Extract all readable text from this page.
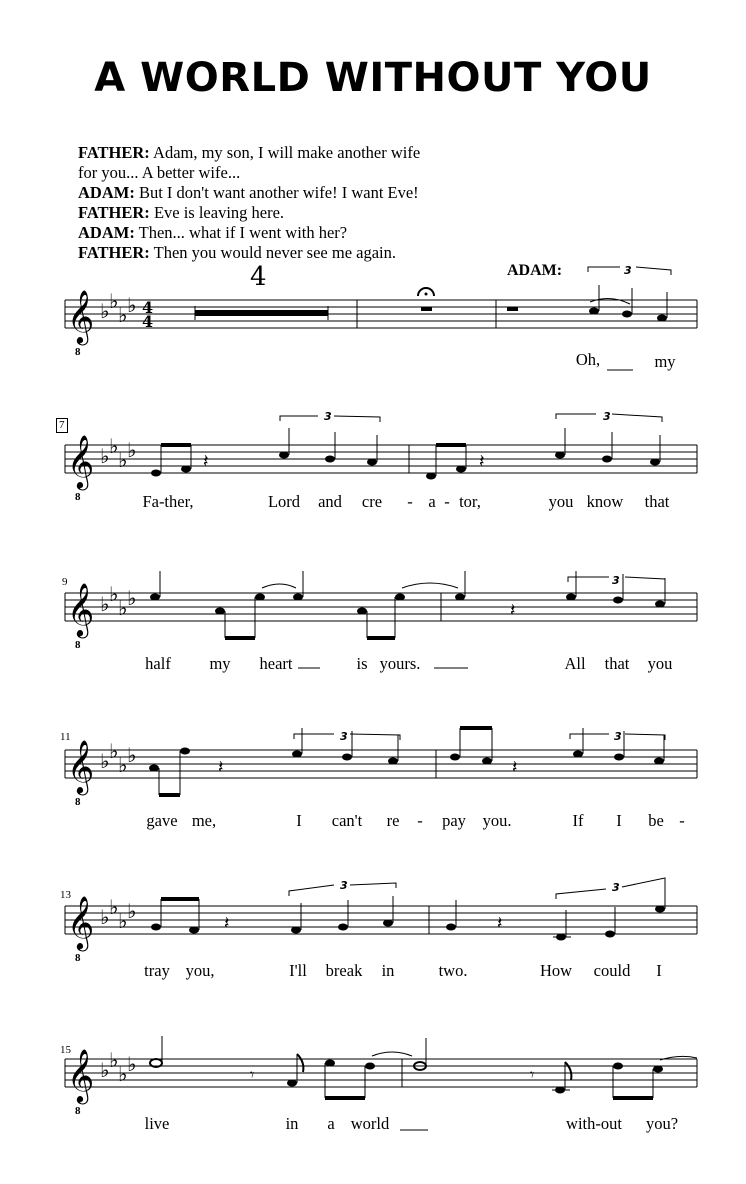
A WORLD WITHOUT YOU
FATHER: Adam, my son, I will make another wife
for you... A better wife...
ADAM: But I don't want another wife! I want Eve!
FATHER: Eve is leaving here.
ADAM: Then... what if I went with her?
FATHER: Then you would never see me again.
4	ADAM:	3
Oh,	my
𝄞
8
♭ ♭
♭ ♭ 4
4
7
3	3
Fa-ther,	Lord and cre - a - tor,	you know that
𝄞
8
♭ ♭
♭ ♭	𝄽	𝄽
9	3
half my heart	is yours.	All that you
𝄞
8
♭ ♭
♭ ♭	𝄽
11	3	3
gave me,	I can't re - pay you.	If I be -
𝄞
8
♭ ♭
♭ ♭	𝄽	𝄽
13
3	3
tray you,	I'll break in	two.	How could I
𝄞
8
♭ ♭
♭ ♭	𝄽	𝄽
15
live	in a world	with-out you?
𝄞
8
♭ ♭
♭ ♭	𝄾	𝄾
